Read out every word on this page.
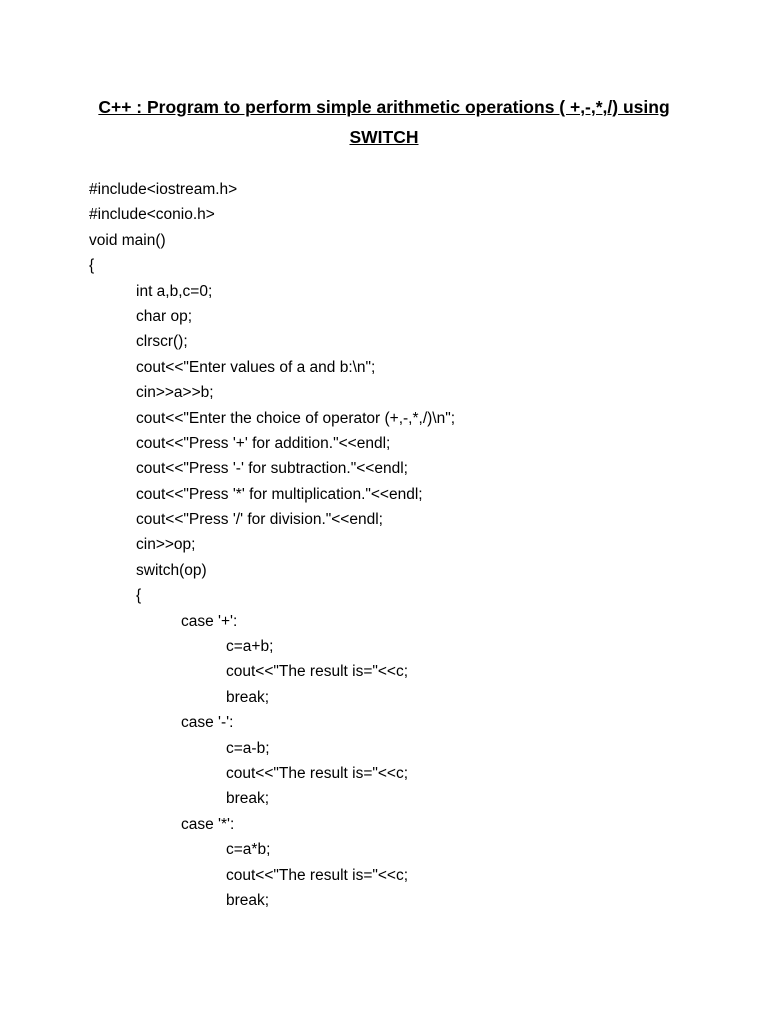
C++ : Program to perform simple arithmetic operations ( +,-,*,/) using
SWITCH
#include<iostream.h>
#include<conio.h>
void main()
{
int a,b,c=0;
char op;
clrscr();
cout<<"Enter values of a and b:\n";
cin>>a>>b;
cout<<"Enter the choice of operator (+,-,*,/)\n";
cout<<"Press '+' for addition."<<endl;
cout<<"Press '-' for subtraction."<<endl;
cout<<"Press '*' for multiplication."<<endl;
cout<<"Press '/' for division."<<endl;
cin>>op;
switch(op)
{
case '+':
c=a+b;
cout<<"The result is="<<c;
break;
case '-':
c=a-b;
cout<<"The result is="<<c;
break;
case '*':
c=a*b;
cout<<"The result is="<<c;
break;
